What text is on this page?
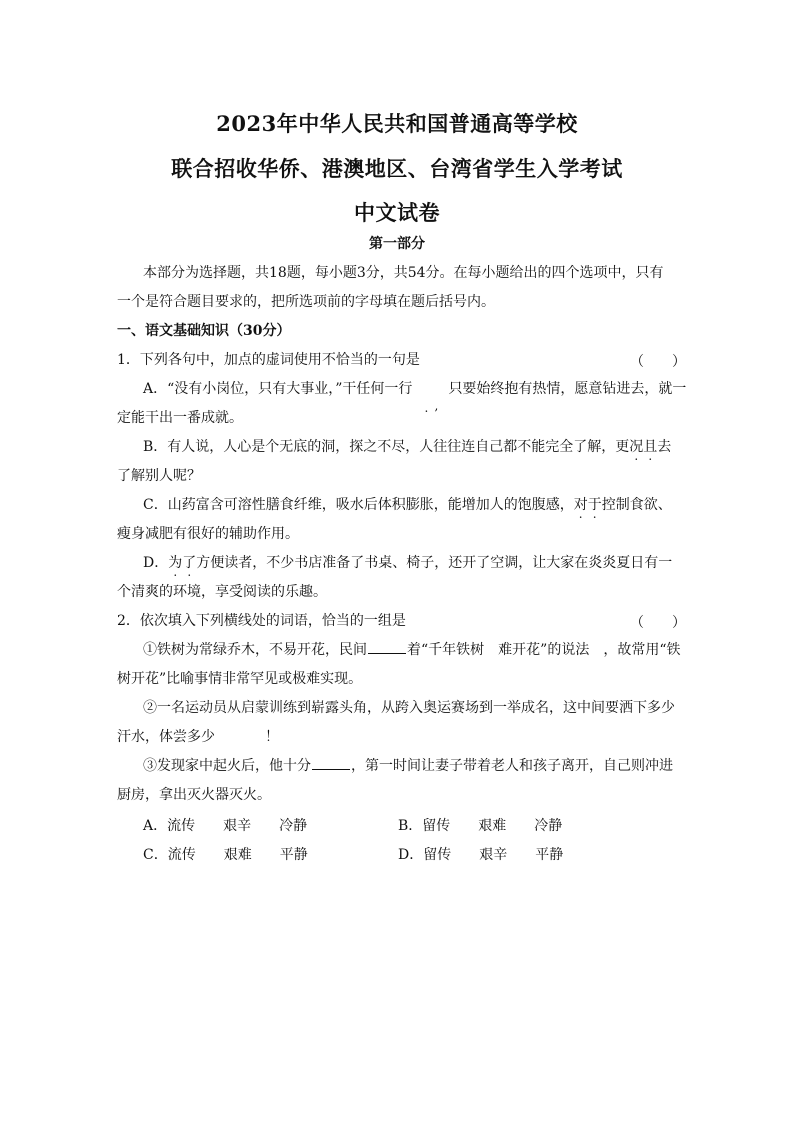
2023年中华人民共和国普通高等学校
联合招收华侨、港澳地区、台湾省学生入学考试
中文试卷
第一部分
本部分为选择题，共18题，每小题3分，共54分。在每小题给出的四个选项中，只有
一个是符合题目要求的，把所选项前的字母填在题后括号内。
一、语文基础知识（30分）
1．下列各句中，加点的虚词使用不恰当的一句是	（　　）
A．“没有小岗位，只有大事业，”干任何一行
. ,
只要始终抱有热情，愿意钻进去，就一
定能干出一番成就。
B．有人说，人心是个无底的洞，探之不尽，人往往连自己都不能完全了解，更况且去
了解别人呢？
C．山药富含可溶性膳食纤维，吸水后体积膨胀，能增加人的饱腹感，对于控制食欲、
瘦身减肥有很好的辅助作用。
D．为了方便读者，不少书店准备了书桌、椅子，还开了空调，让大家在炎炎夏日有一
个清爽的环境，享受阅读的乐趣。
2．依次填入下列横线处的词语，恰当的一组是	（　　）
①铁树为常绿乔木，不易开花，民间	着“千年铁树　难开花”的说法　，故常用“铁
树开花”比喻事情非常罕见或极难实现。
②一名运动员从启蒙训练到崭露头角，从跨入奥运赛场到一举成名，这中间要洒下多少
汗水，体尝多少	！
③发现家中起火后，他十分	，第一时间让妻子带着老人和孩子离开，自己则冲进
厨房，拿出灭火器灭火。
A．流传 艰辛 冷静	B．留传 艰难 冷静
C．流传 艰难 平静	D．留传 艰辛 平静
